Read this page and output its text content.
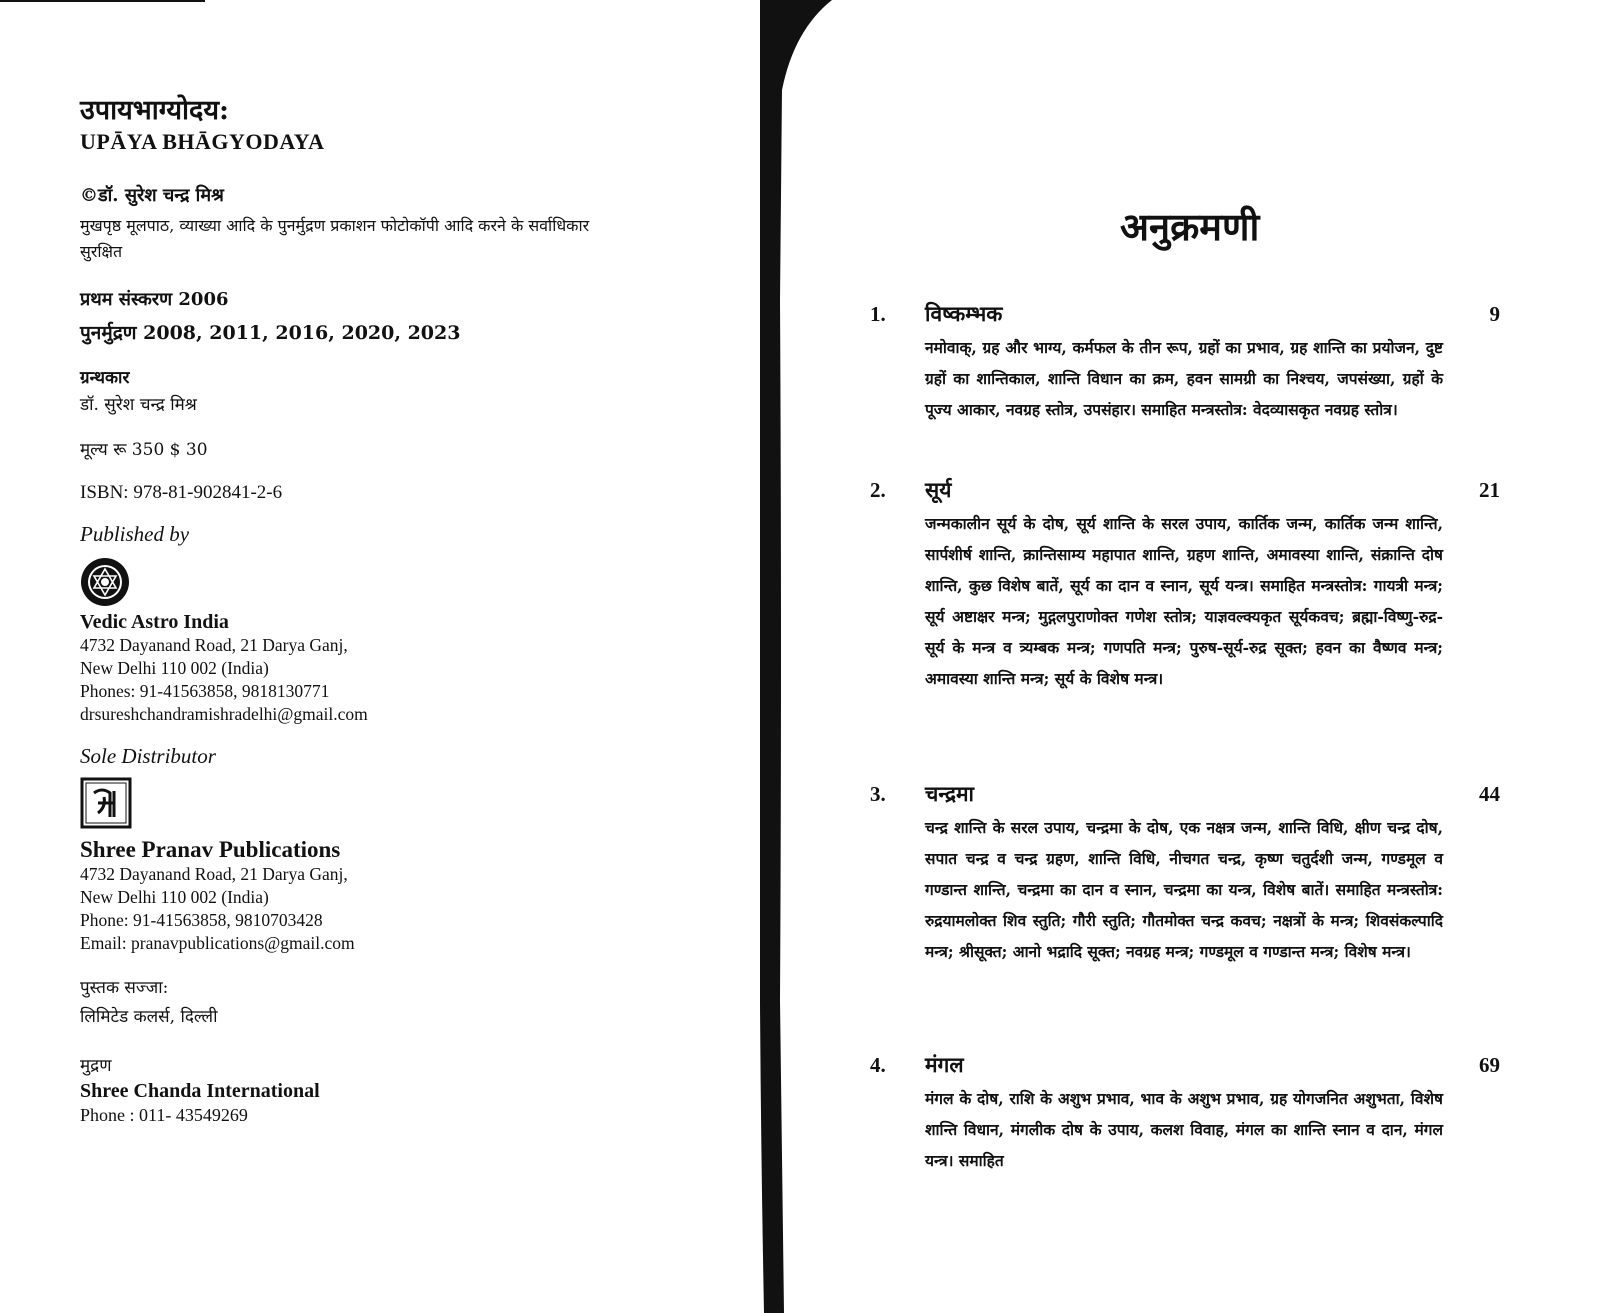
उपायभाग्योदय:
UPĀYA BHĀGYODAYA
©डॉ. सुरेश चन्द्र मिश्र
मुखपृष्ठ मूलपाठ, व्याख्या आदि के पुनर्मुद्रण प्रकाशन फोटोकॉपी आदि करने के सर्वाधिकार सुरक्षित
प्रथम संस्करण 2006
पुनर्मुद्रण 2008, 2011, 2016, 2020, 2023
ग्रन्थकार
डॉ. सुरेश चन्द्र मिश्र
मूल्य रू 350 $ 30
ISBN: 978-81-902841-2-6
Published by
Vedic Astro India
4732 Dayanand Road, 21 Darya Ganj,
New Delhi 110 002 (India)
Phones: 91-41563858, 9818130771
drsureshchandramishradelhi@gmail.com
Sole Distributor
Shree Pranav Publications
4732 Dayanand Road, 21 Darya Ganj,
New Delhi 110 002 (India)
Phone: 91-41563858, 9810703428
Email: pranavpublications@gmail.com
पुस्तक सज्जा:
लिमिटेड कलर्स, दिल्ली
मुद्रण
Shree Chanda International
Phone : 011- 43549269
अनुक्रमणी
1. विष्कम्भक	9
नमोवाक्, ग्रह और भाग्य, कर्मफल के तीन रूप, ग्रहों का प्रभाव, ग्रह शान्ति का प्रयोजन, दुष्ट ग्रहों का शान्तिकाल, शान्ति विधान का क्रम, हवन सामग्री का निश्चय, जपसंख्या, ग्रहों के पूज्य आकार, नवग्रह स्तोत्र, उपसंहार। समाहित मन्त्रस्तोत्र: वेदव्यासकृत नवग्रह स्तोत्र।
2. सूर्य	21
जन्मकालीन सूर्य के दोष, सूर्य शान्ति के सरल उपाय, कार्तिक जन्म, कार्तिक जन्म शान्ति, सार्पशीर्ष शान्ति, क्रान्तिसाम्य महापात शान्ति, ग्रहण शान्ति, अमावस्या शान्ति, संक्रान्ति दोष शान्ति, कुछ विशेष बातें, सूर्य का दान व स्नान, सूर्य यन्त्र। समाहित मन्त्रस्तोत्र: गायत्री मन्त्र; सूर्य अष्टाक्षर मन्त्र; मुद्गलपुराणोक्त गणेश स्तोत्र; याज्ञवल्क्यकृत सूर्यकवच; ब्रह्मा-विष्णु-रुद्र-सूर्य के मन्त्र व त्र्यम्बक मन्त्र; गणपति मन्त्र; पुरुष-सूर्य-रुद्र सूक्त; हवन का वैष्णव मन्त्र; अमावस्या शान्ति मन्त्र; सूर्य के विशेष मन्त्र।
3. चन्द्रमा	44
चन्द्र शान्ति के सरल उपाय, चन्द्रमा के दोष, एक नक्षत्र जन्म, शान्ति विधि, क्षीण चन्द्र दोष, सपात चन्द्र व चन्द्र ग्रहण, शान्ति विधि, नीचगत चन्द्र, कृष्ण चतुर्दशी जन्म, गण्डमूल व गण्डान्त शान्ति, चन्द्रमा का दान व स्नान, चन्द्रमा का यन्त्र, विशेष बातें। समाहित मन्त्रस्तोत्र: रुद्रयामलोक्त शिव स्तुति; गौरी स्तुति; गौतमोक्त चन्द्र कवच; नक्षत्रों के मन्त्र; शिवसंकल्पादि मन्त्र; श्रीसूक्त; आनो भद्रादि सूक्त; नवग्रह मन्त्र; गण्डमूल व गण्डान्त मन्त्र; विशेष मन्त्र।
4. मंगल	69
मंगल के दोष, राशि के अशुभ प्रभाव, भाव के अशुभ प्रभाव, ग्रह योगजनित अशुभता, विशेष शान्ति विधान, मंगलीक दोष के उपाय, कलश विवाह, मंगल का शान्ति स्नान व दान, मंगल यन्त्र। समाहित
